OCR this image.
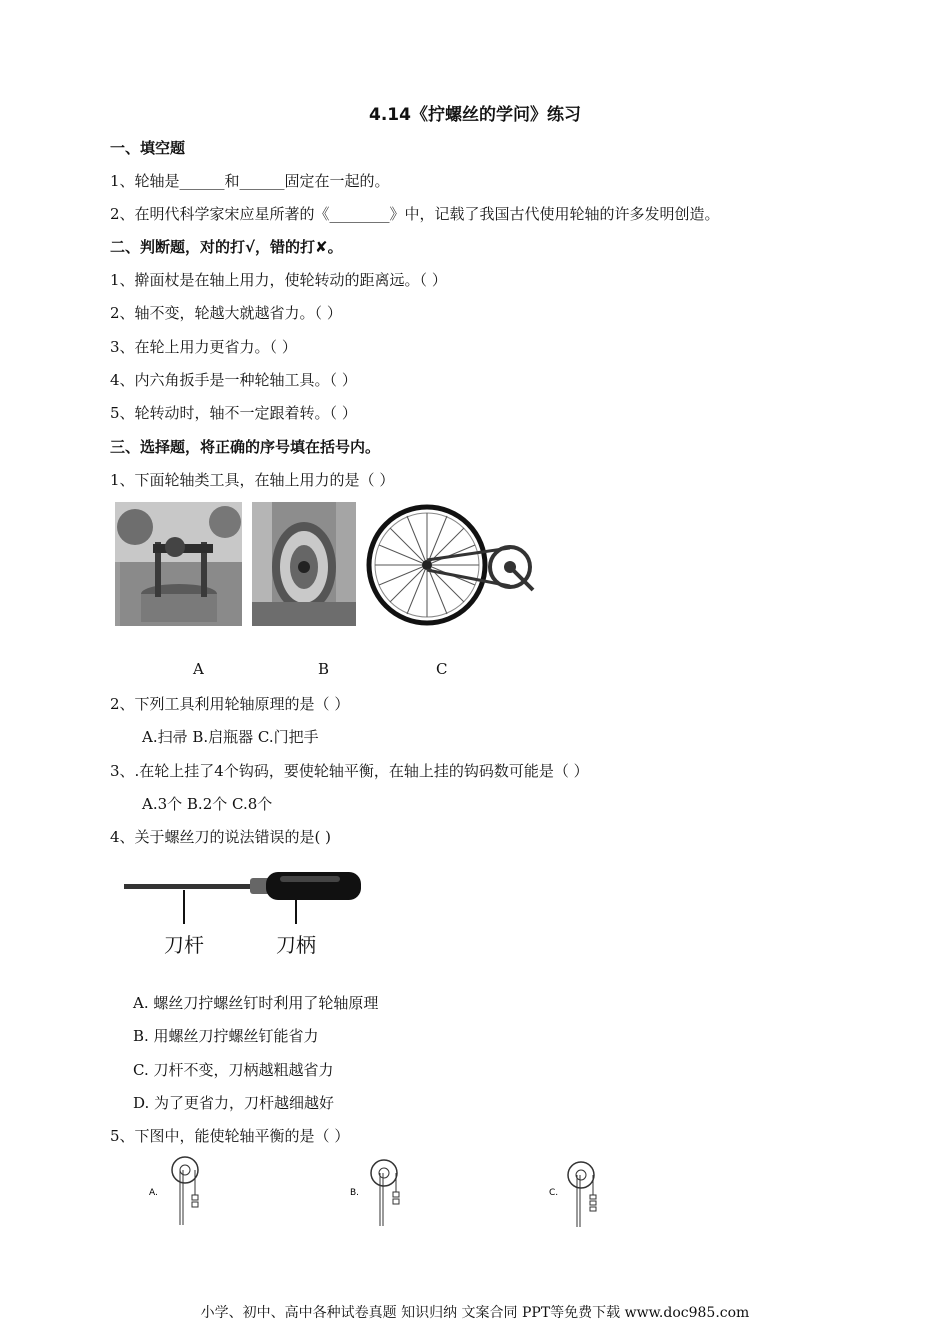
4.14《拧螺丝的学问》练习
一、填空题
1、轮轴是______和______固定在一起的。
2、在明代科学家宋应星所著的《________》中，记载了我国古代使用轮轴的许多发明创造。
二、判断题，对的打√，错的打✘。
1、擀面杖是在轴上用力，使轮转动的距离远。（ ）
2、轴不变，轮越大就越省力。（ ）
3、在轮上用力更省力。（ ）
4、内六角扳手是一种轮轴工具。（ ）
5、轮转动时，轴不一定跟着转。（ ）
三、选择题，将正确的序号填在括号内。
1、下面轮轴类工具，在轴上用力的是（ ）
A	B	C
2、下列工具利用轮轴原理的是（ ）
A.扫帚 B.启瓶器 C.门把手
3、.在轮上挂了4个钩码，要使轮轴平衡，在轴上挂的钩码数可能是（ ）
A.3个 B.2个 C.8个
4、关于螺丝刀的说法错误的是( )
刀杆	刀柄
A. 螺丝刀拧螺丝钉时利用了轮轴原理
B. 用螺丝刀拧螺丝钉能省力
C. 刀杆不变，刀柄越粗越省力
D. 为了更省力，刀杆越细越好
5、下图中，能使轮轴平衡的是（ ）
A.	B.	C.
小学、初中、高中各种试卷真题 知识归纳 文案合同 PPT等免费下载 www.doc985.com
